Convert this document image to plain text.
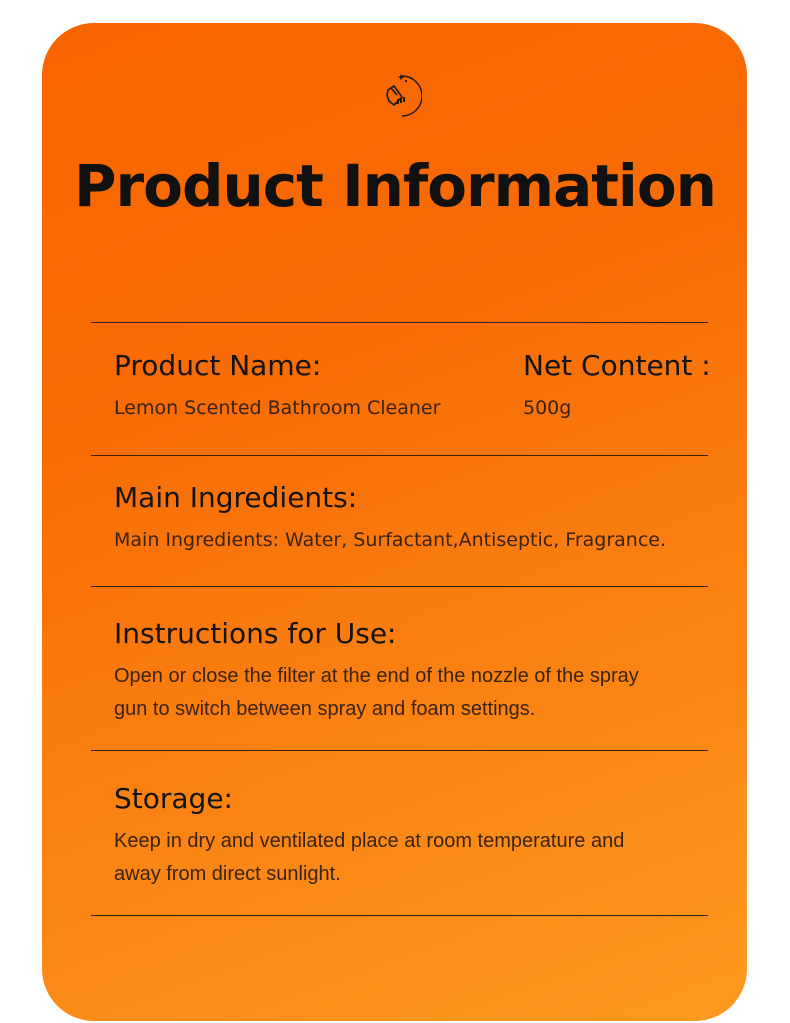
Product Information

Product Name:	Net Content :

Lemon Scented Bathroom Cleaner	500g

Main Ingredients:

Main Ingredients: Water, Surfactant,Antiseptic, Fragrance.

Instructions for Use:

Open or close the filter at the end of the nozzle of the spray gun to switch between spray and foam settings.

Storage:

Keep in dry and ventilated place at room temperature and away from direct sunlight.
